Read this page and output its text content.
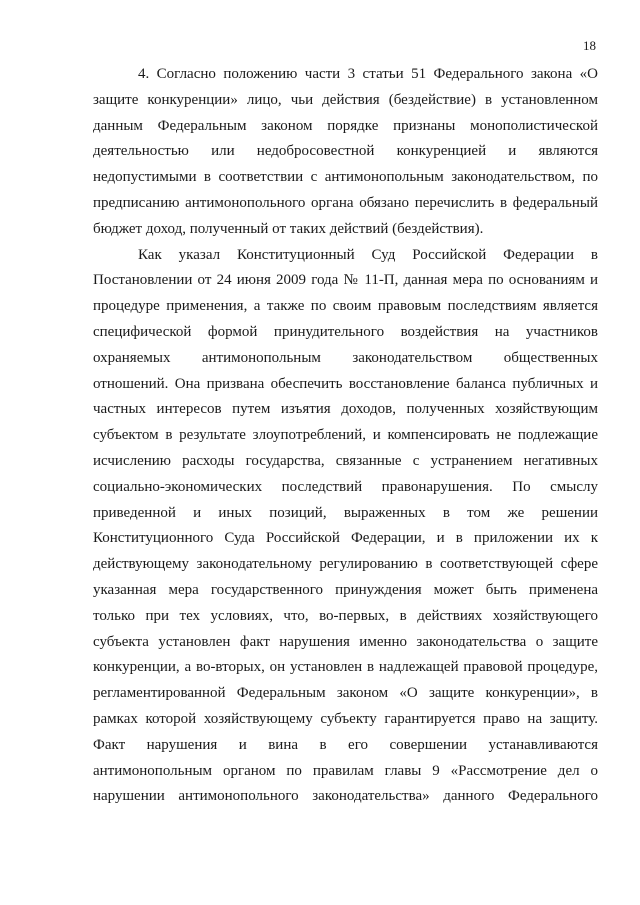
18
4. Согласно положению части 3 статьи 51 Федерального закона «О
защите конкуренции» лицо, чьи действия (бездействие) в установленном
данным Федеральным законом порядке признаны монополистической
деятельностью или недобросовестной конкуренцией и являются
недопустимыми в соответствии с антимонопольным законодательством, по
предписанию антимонопольного органа обязано перечислить в федеральный
бюджет доход, полученный от таких действий (бездействия).
Как указал Конституционный Суд Российской Федерации в
Постановлении от 24 июня 2009 года № 11-П, данная мера по основаниям и
процедуре применения, а также по своим правовым последствиям является
специфической формой принудительного воздействия на участников
охраняемых антимонопольным законодательством общественных
отношений. Она призвана обеспечить восстановление баланса публичных и
частных интересов путем изъятия доходов, полученных хозяйствующим
субъектом в результате злоупотреблений, и компенсировать не подлежащие
исчислению расходы государства, связанные с устранением негативных
социально-экономических последствий правонарушения. По смыслу
приведенной и иных позиций, выраженных в том же решении
Конституционного Суда Российской Федерации, и в приложении их к
действующему законодательному регулированию в соответствующей сфере
указанная мера государственного принуждения может быть применена
только при тех условиях, что, во-первых, в действиях хозяйствующего
субъекта установлен факт нарушения именно законодательства о защите
конкуренции, а во-вторых, он установлен в надлежащей правовой процедуре,
регламентированной Федеральным законом «О защите конкуренции», в
рамках которой хозяйствующему субъекту гарантируется право на защиту.
Факт нарушения и вина в его совершении устанавливаются
антимонопольным органом по правилам главы 9 «Рассмотрение дел о
нарушении антимонопольного законодательства» данного Федерального
